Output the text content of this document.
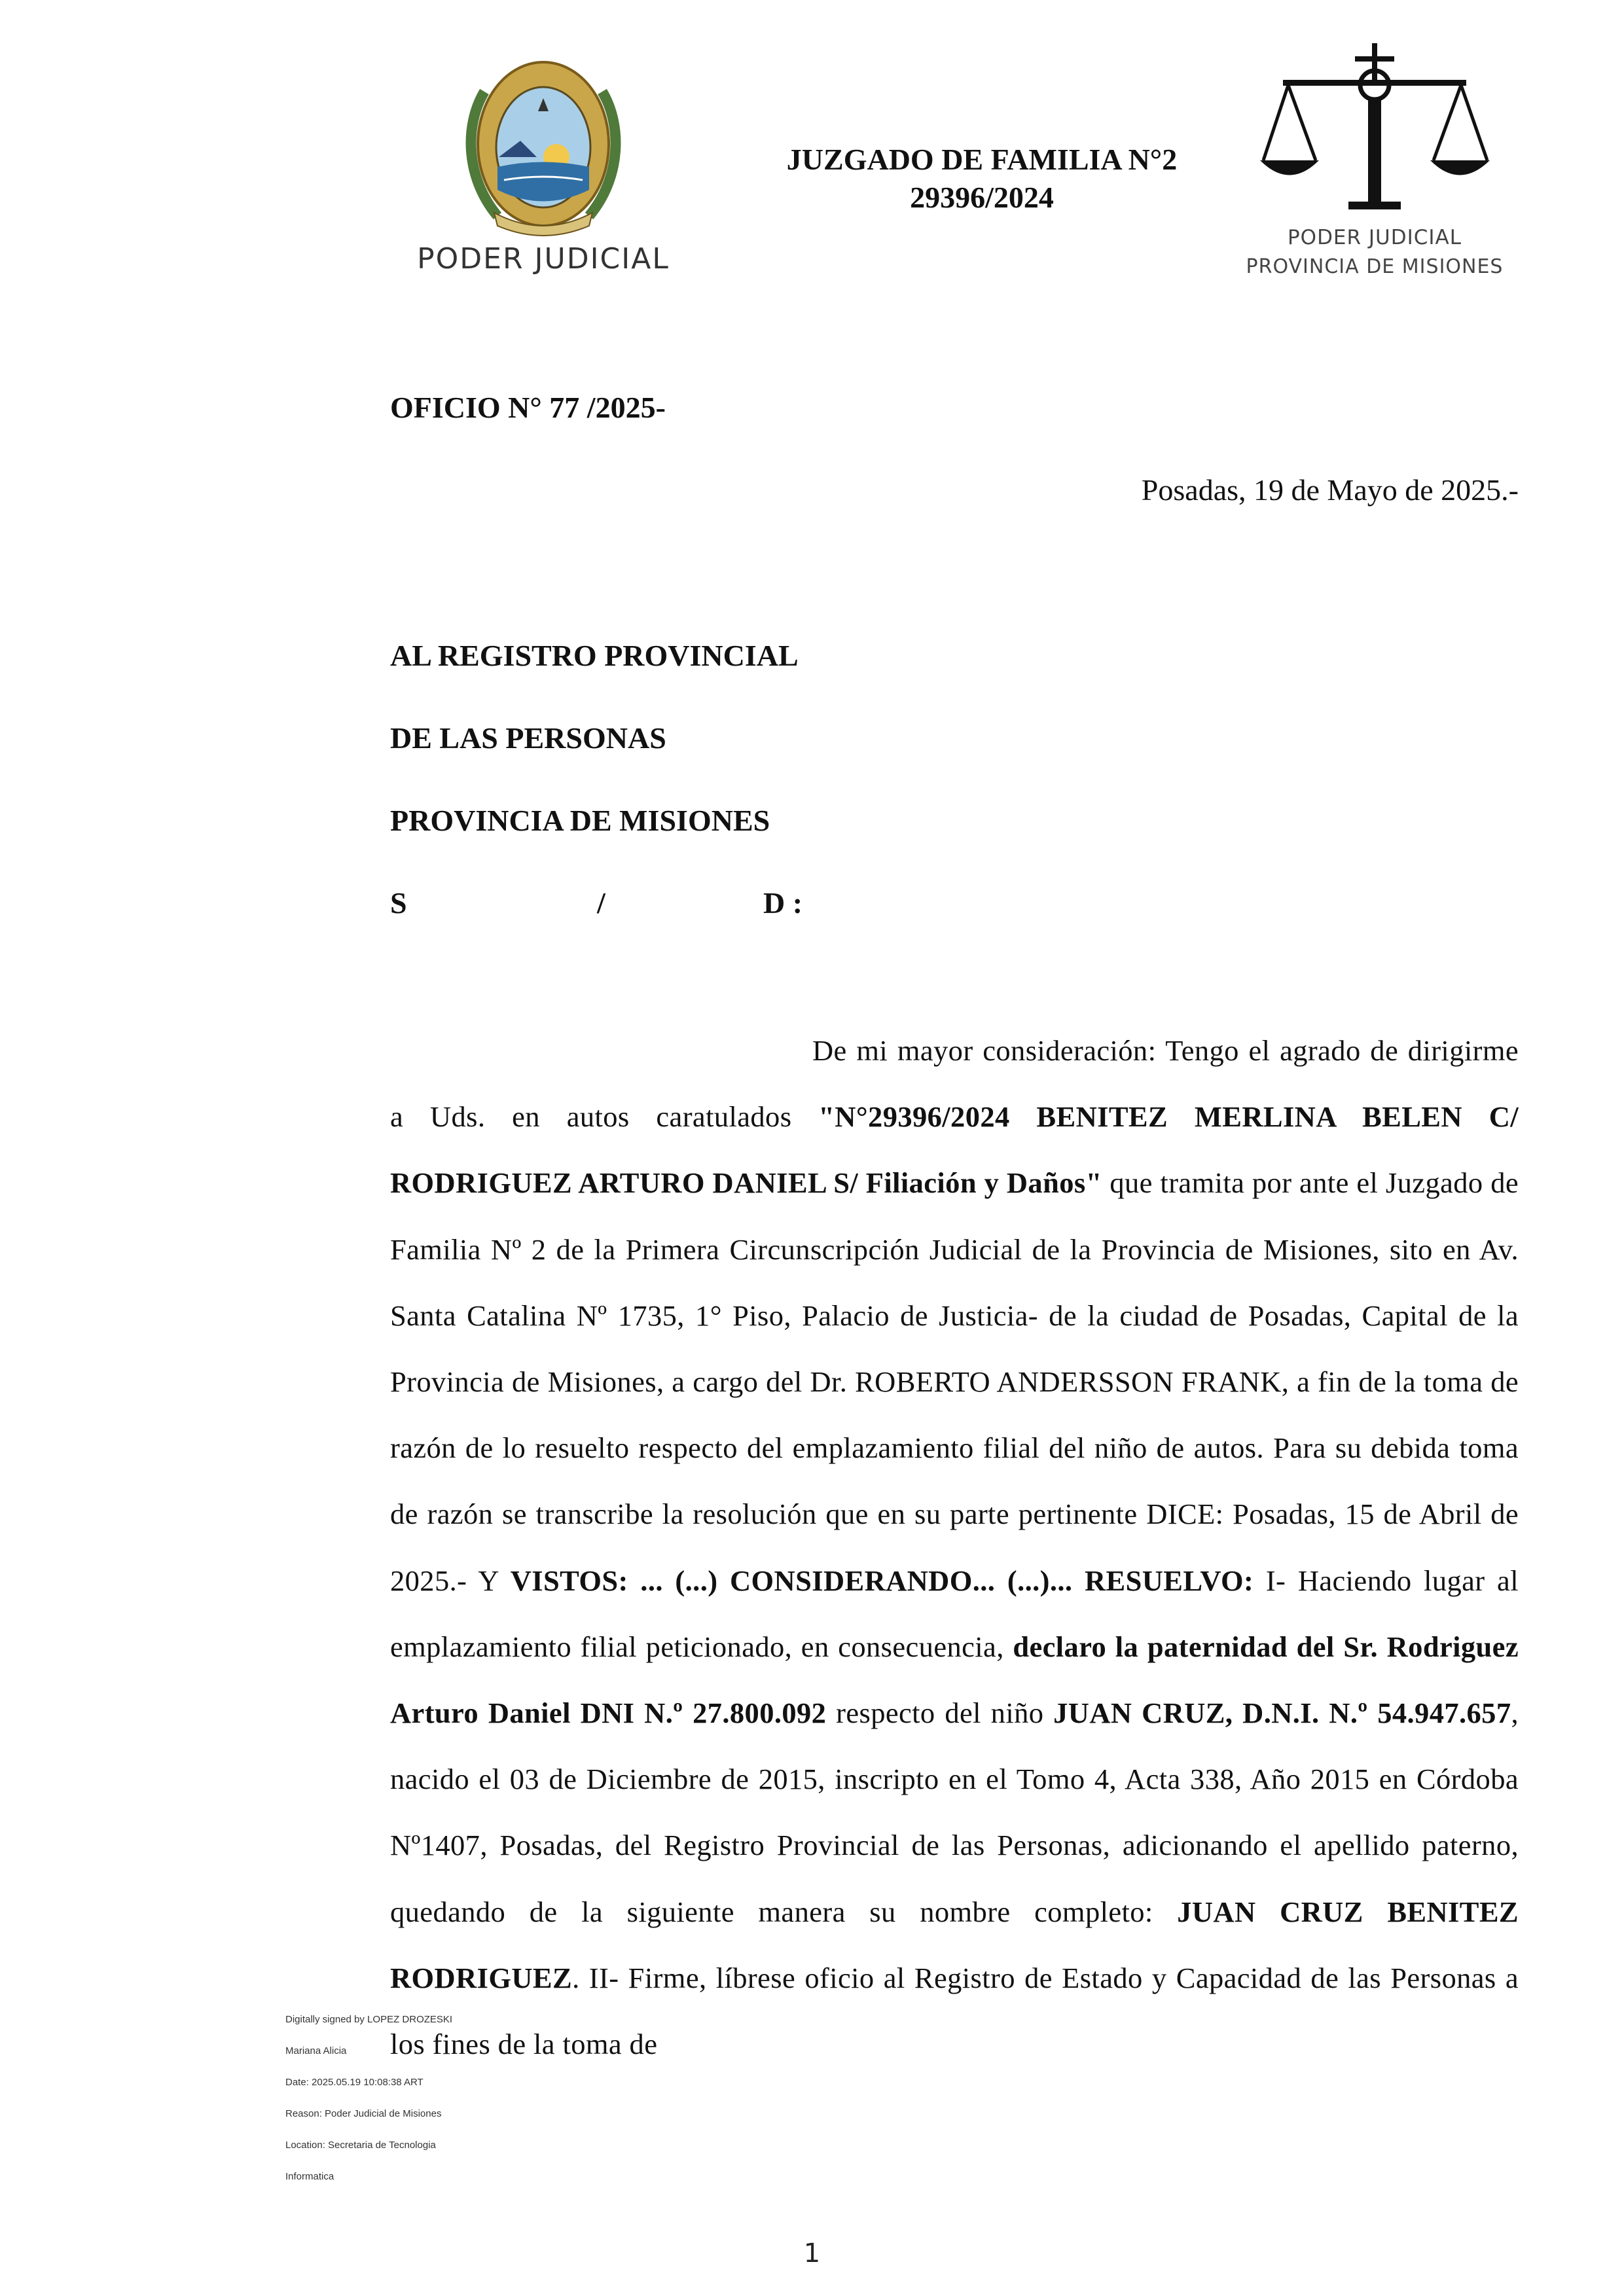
PODER JUDICIAL
JUZGADO DE FAMILIA N°2
29396/2024
PODER JUDICIAL
PROVINCIA DE MISIONES
OFICIO N° 77 /2025-
Posadas, 19 de Mayo de 2025.-
AL REGISTRO PROVINCIAL
DE LAS PERSONAS
PROVINCIA DE MISIONES
S	/	D :

De mi mayor consideración: Tengo el agrado de dirigirme a Uds. en autos caratulados "N°29396/2024 BENITEZ MERLINA BELEN C/ RODRIGUEZ ARTURO DANIEL S/ Filiación y Daños" que tramita por ante el Juzgado de Familia Nº 2 de la Primera Circunscripción Judicial de la Provincia de Misiones, sito en Av. Santa Catalina Nº 1735, 1° Piso, Palacio de Justicia- de la ciudad de Posadas, Capital de la Provincia de Misiones, a cargo del Dr. ROBERTO ANDERSSON FRANK, a fin de la toma de razón de lo resuelto respecto del emplazamiento filial del niño de autos. Para su debida toma de razón se transcribe la resolución que en su parte pertinente DICE: Posadas, 15 de Abril de 2025.- Y VISTOS: ... (...) CONSIDERANDO... (...)... RESUELVO: I- Haciendo lugar al emplazamiento filial peticionado, en consecuencia, declaro la paternidad del Sr. Rodriguez Arturo Daniel DNI N.º 27.800.092 respecto del niño JUAN CRUZ, D.N.I. N.º 54.947.657, nacido el 03 de Diciembre de 2015, inscripto en el Tomo 4, Acta 338, Año 2015 en Córdoba Nº1407, Posadas, del Registro Provincial de las Personas, adicionando el apellido paterno, quedando de la siguiente manera su nombre completo: JUAN CRUZ BENITEZ RODRIGUEZ. II- Firme, líbrese oficio al Registro de Estado y Capacidad de las Personas a los fines de la toma de

Digitally signed by LOPEZ DROZESKI

Mariana Alicia

Date: 2025.05.19 10:08:38 ART

Reason: Poder Judicial de Misiones

Location: Secretaria de Tecnologia

Informatica

1
